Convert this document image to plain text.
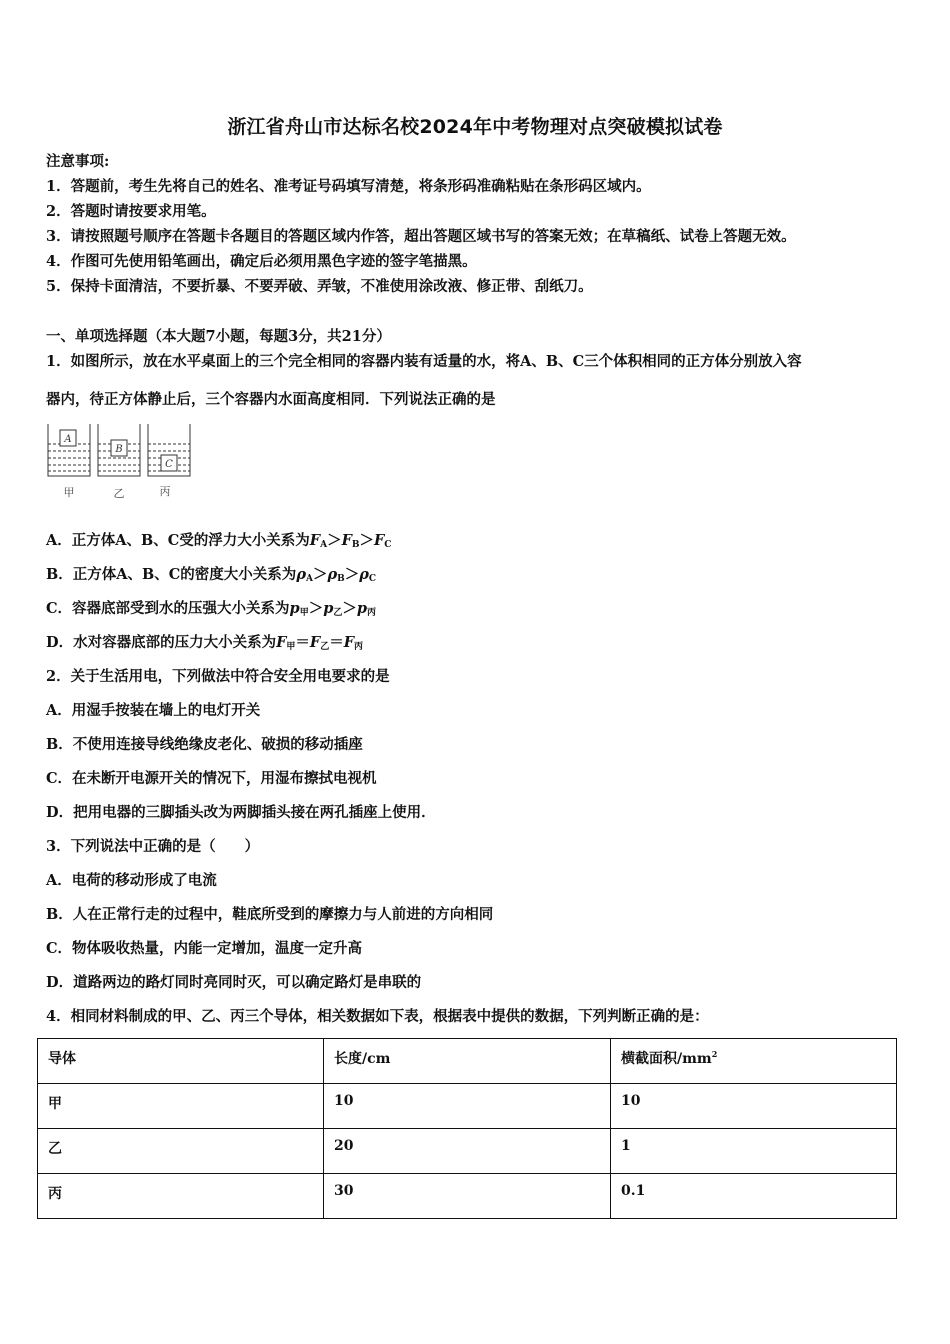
浙江省舟山市达标名校2024年中考物理对点突破模拟试卷
注意事项:
1．答题前，考生先将自己的姓名、准考证号码填写清楚，将条形码准确粘贴在条形码区域内。
2．答题时请按要求用笔。
3．请按照题号顺序在答题卡各题目的答题区域内作答，超出答题区域书写的答案无效；在草稿纸、试卷上答题无效。
4．作图可先使用铅笔画出，确定后必须用黑色字迹的签字笔描黑。
5．保持卡面清洁，不要折暴、不要弄破、弄皱，不准使用涂改液、修正带、刮纸刀。
一、单项选择题（本大题7小题，每题3分，共21分）
1．如图所示，放在水平桌面上的三个完全相同的容器内装有适量的水，将A、B、C三个体积相同的正方体分别放入容
器内，待正方体静止后，三个容器内水面高度相同．下列说法正确的是
A
B
C
甲	乙	丙
A．正方体A、B、C受的浮力大小关系为$F_A>F_B>F_C$
B．正方体A、B、C的密度大小关系为$\rho_A>\rho_B>\rho_C$
C．容器底部受到水的压强大小关系为$p_甲>p_乙>p_丙$
D．水对容器底部的压力大小关系为$F_甲=F_乙=F_丙$
2．关于生活用电，下列做法中符合安全用电要求的是
A．用湿手按装在墙上的电灯开关
B．不使用连接导线绝缘皮老化、破损的移动插座
C．在未断开电源开关的情况下，用湿布擦拭电视机
D．把用电器的三脚插头改为两脚插头接在两孔插座上使用．
3．下列说法中正确的是（　　）
A．电荷的移动形成了电流
B．人在正常行走的过程中，鞋底所受到的摩擦力与人前进的方向相同
C．物体吸收热量，内能一定增加，温度一定升高
D．道路两边的路灯同时亮同时灭，可以确定路灯是串联的
4．相同材料制成的甲、乙、丙三个导体，相关数据如下表，根据表中提供的数据，下列判断正确的是：
导体	长度/cm	横截面积$/mm^2$
甲	10	10
乙	20	1
丙	30	0.1
